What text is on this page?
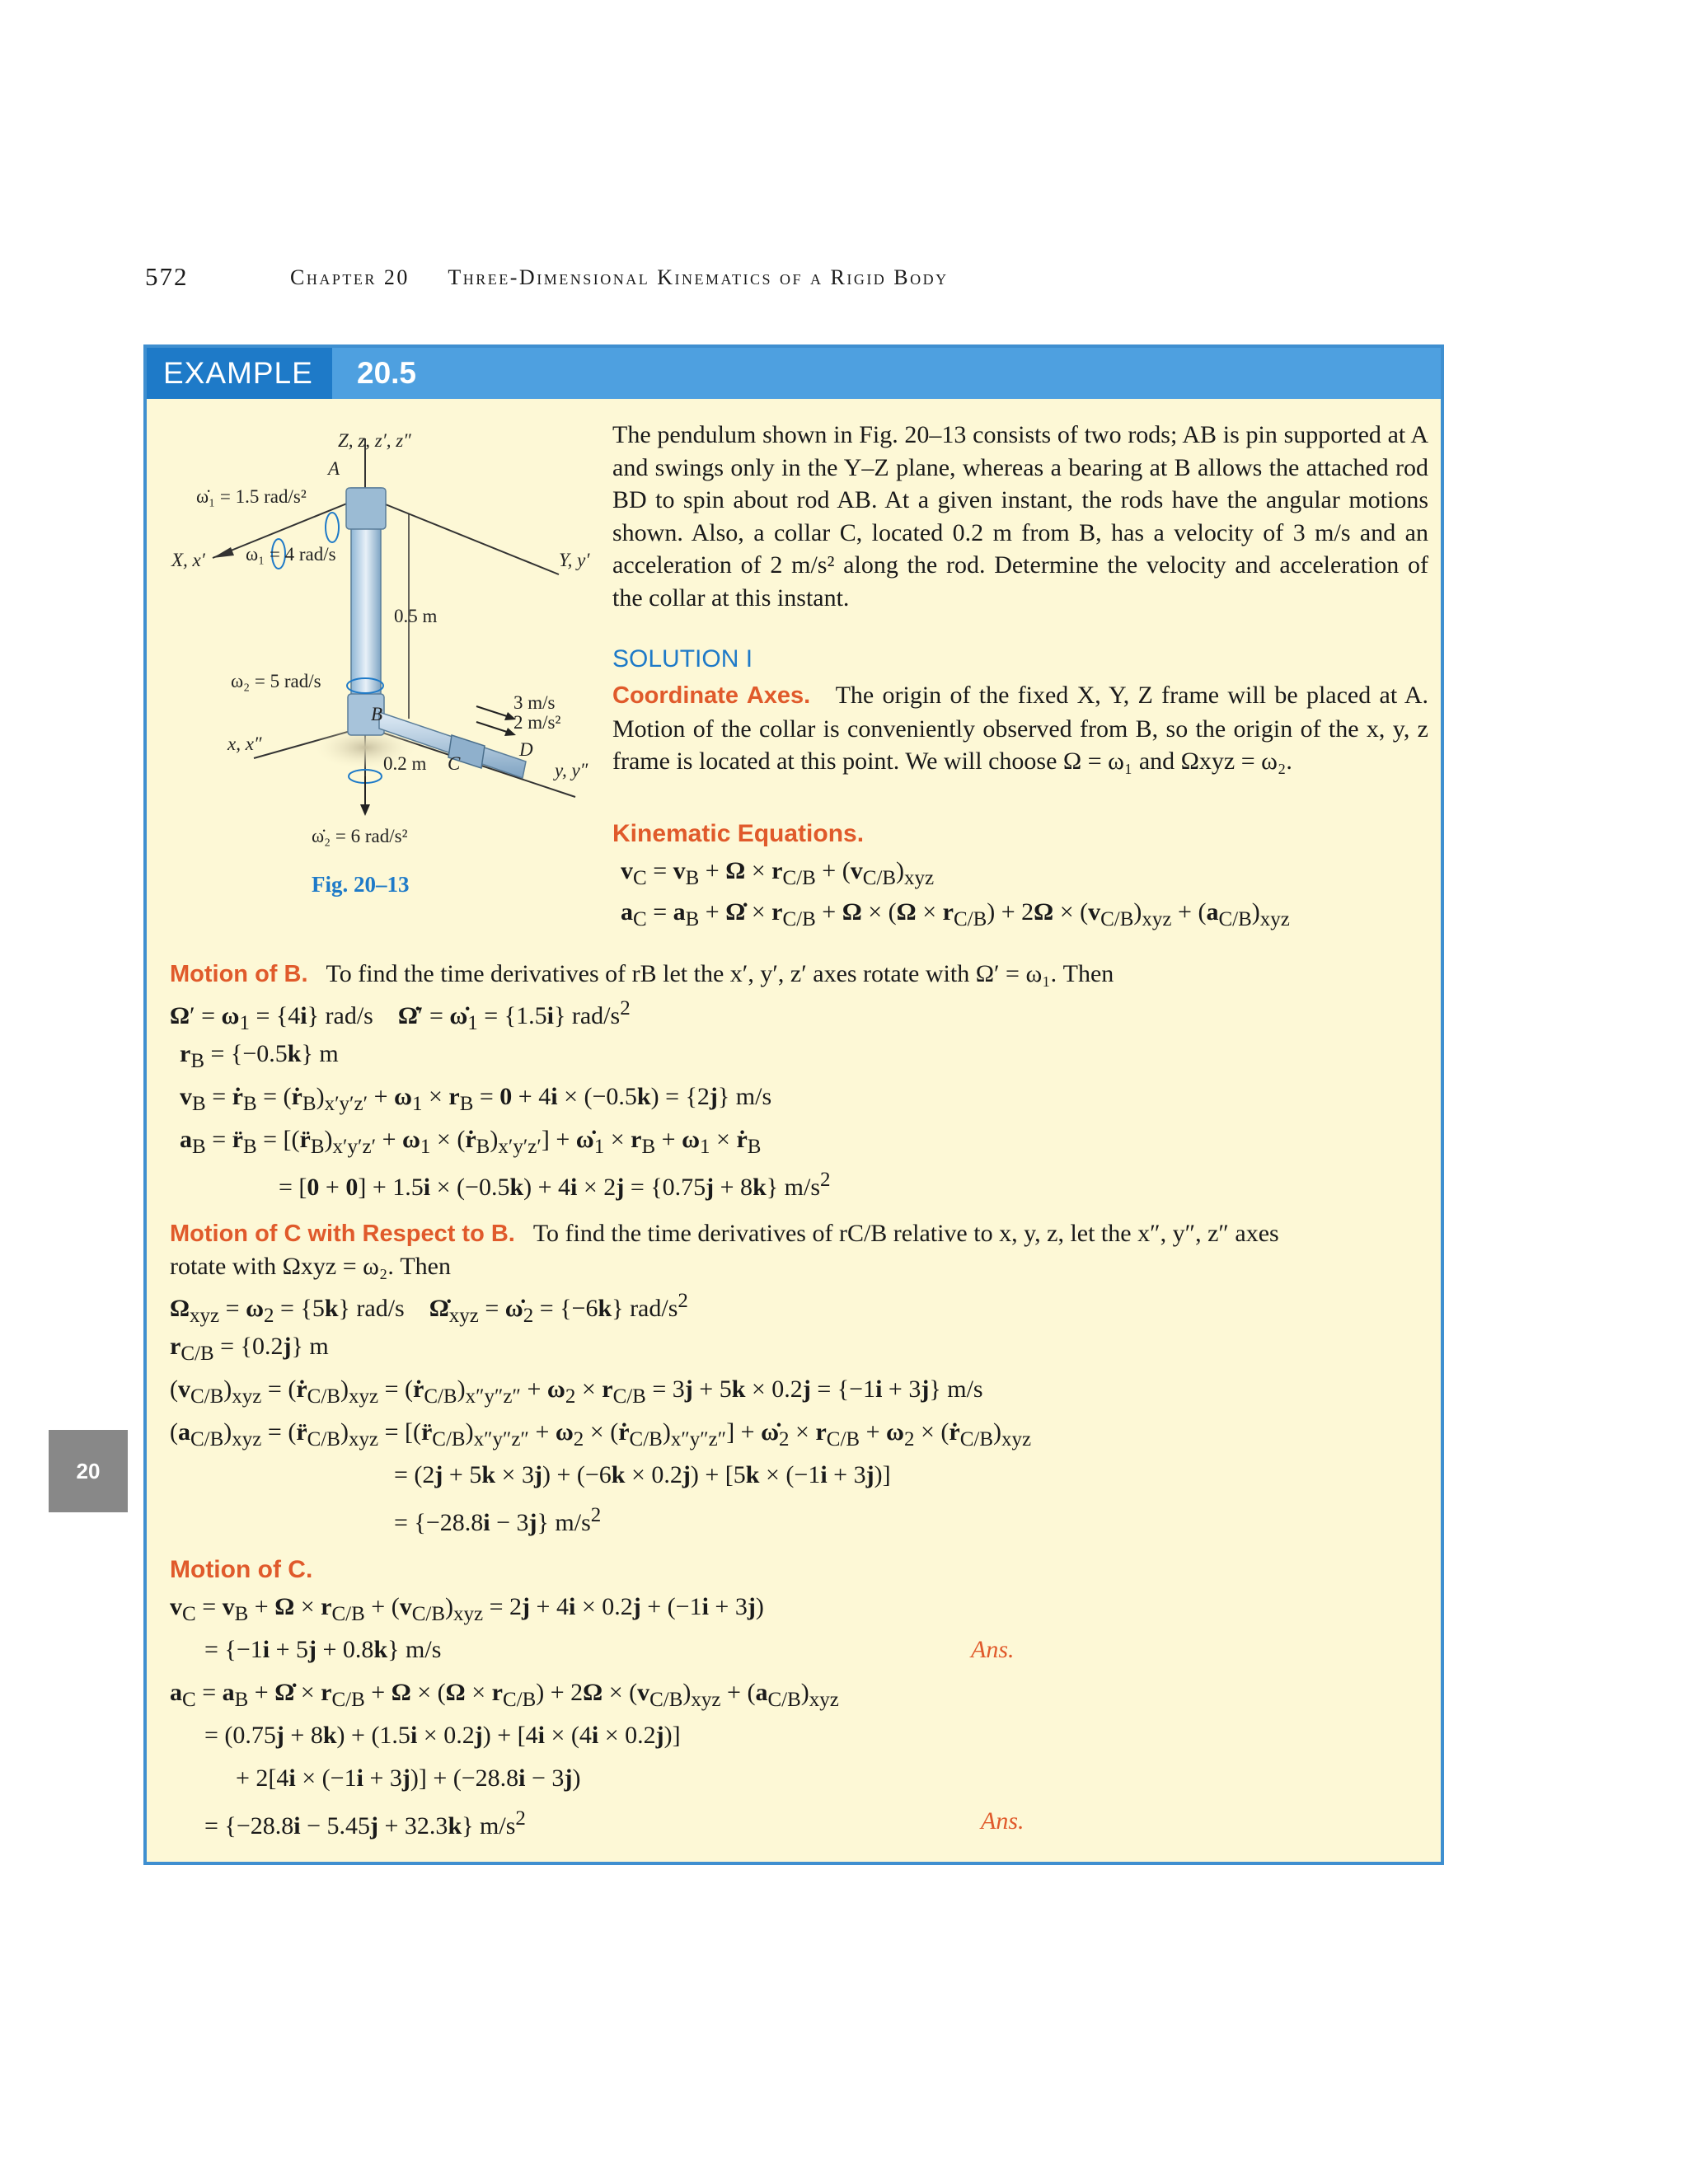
572	Chapter 20 Three-Dimensional Kinematics of a Rigid Body
20
EXAMPLE	20.5
Z, z, z′, z″
A
ω̇₁ = 1.5 rad/s²
X, x′ ω₁ = 4 rad/s	Y, y′
0.5 m
ω₂ = 5 rad/s
B
3 m/s
2 m/s²
D
x, x″
0.2 m C	y, y″
ω̇₂ = 6 rad/s²
Fig. 20–13
The pendulum shown in Fig. 20–13 consists of two rods; AB is pin supported at A and swings only in the Y–Z plane, whereas a bearing at B allows the attached rod BD to spin about rod AB. At a given instant, the rods have the angular motions shown. Also, a collar C, located 0.2 m from B, has a velocity of 3 m/s and an acceleration of 2 m/s² along the rod. Determine the velocity and acceleration of the collar at this instant.
SOLUTION I
Coordinate Axes. The origin of the fixed X, Y, Z frame will be placed at A. Motion of the collar is conveniently observed from B, so the origin of the x, y, z frame is located at this point. We will choose Ω = ω₁ and Ωxyz = ω₂.
Kinematic Equations.
$v_C = v_B + \Omega \times r_{C/B} + (v_{C/B})_{xyz}$
$a_C = a_B$ + Ω̇ × $r_{C/B} + \Omega \times (\Omega \times r_{C/B}) + 2\Omega \times (v_{C/B})_{xyz} + (a_{C/B})_{xyz}$
Motion of B. To find the time derivatives of rB let the x′, y′, z′ axes rotate with Ω′ = ω₁. Then
$\Omega' = \omega_1 = \{4i\}$ rad/s    Ω̇′ = $\omegȧ_1 = \{1.5i\}$ rad/$s^2$
$r_B = \{-0.5k\}$ m
$v_B$ = ṙ$_B$ = $(ṙ_B)_{x'y'z'} + \omega_1 \times r_B = 0 + 4i \times (-0.5k) = \{2j\}$ m/s
$a_B$ = $r̈_B$ = [$(r̈_B)_{x'y'z'} + \omega_1$ × $(ṙ_B)_{x'y'z'}$] + $\omegȧ_1 \times r_B + \omega_1$ × ṙ$_B$
= [0 + 0] + 1.5i × (−0.5k) + 4i × 2j = {0.75j + 8k} $m/s^2$
Motion of C with Respect to B. To find the time derivatives of rC/B relative to x, y, z, let the x″, y″, z″ axes
rotate with Ωxyz = ω₂. Then
$\Omega_{xyz} = \omega_2 = \{5k\}$ rad/s    $\Omegȧ_{xyz}$ = $\omegȧ_2 = \{-6k\}$ rad/$s^2$
$r_{C/B} = \{0.2j\}$ m
$(v_{C/B})_{xyz}$ = $(ṙ_{C/B})_{xyz}$ = $(ṙ_{C/B})_{x''y''z''} + \omega_2 \times r_{C/B} = 3j + 5k \times 0.2j = \{-1i + 3j\}$ m/s
$(a_{C/B})_{xyz}$ = $(r̈_{C/B})_{xyz}$ = [$(r̈_{C/B})_{x''y''z''} + \omega_2$ × $(ṙ_{C/B})_{x''y''z''}$] + $\omegȧ_2 \times r_{C/B} + \omega_2$ × $(ṙ_{C/B})_{xyz}$
= (2j + 5k × 3j) + (−6k × 0.2j) + [5k × (−1i + 3j)]
= {−28.8i − 3j} $m/s^2$
Motion of C.
$v_C = v_B + \Omega \times r_{C/B} + (v_{C/B})_{xyz} = 2j + 4i \times 0.2j + (-1i + 3j)$
= {−1i + 5j + 0.8k} m/s	Ans.
$a_C = a_B$ + Ω̇ × $r_{C/B} + \Omega \times (\Omega \times r_{C/B}) + 2\Omega \times (v_{C/B})_{xyz} + (a_{C/B})_{xyz}$
= (0.75j + 8k) + (1.5i × 0.2j) + [4i × (4i × 0.2j)]
+ 2[4i × (−1i + 3j)] + (−28.8i − 3j)
= {−28.8i − 5.45j + 32.3k} $m/s^2$	Ans.
